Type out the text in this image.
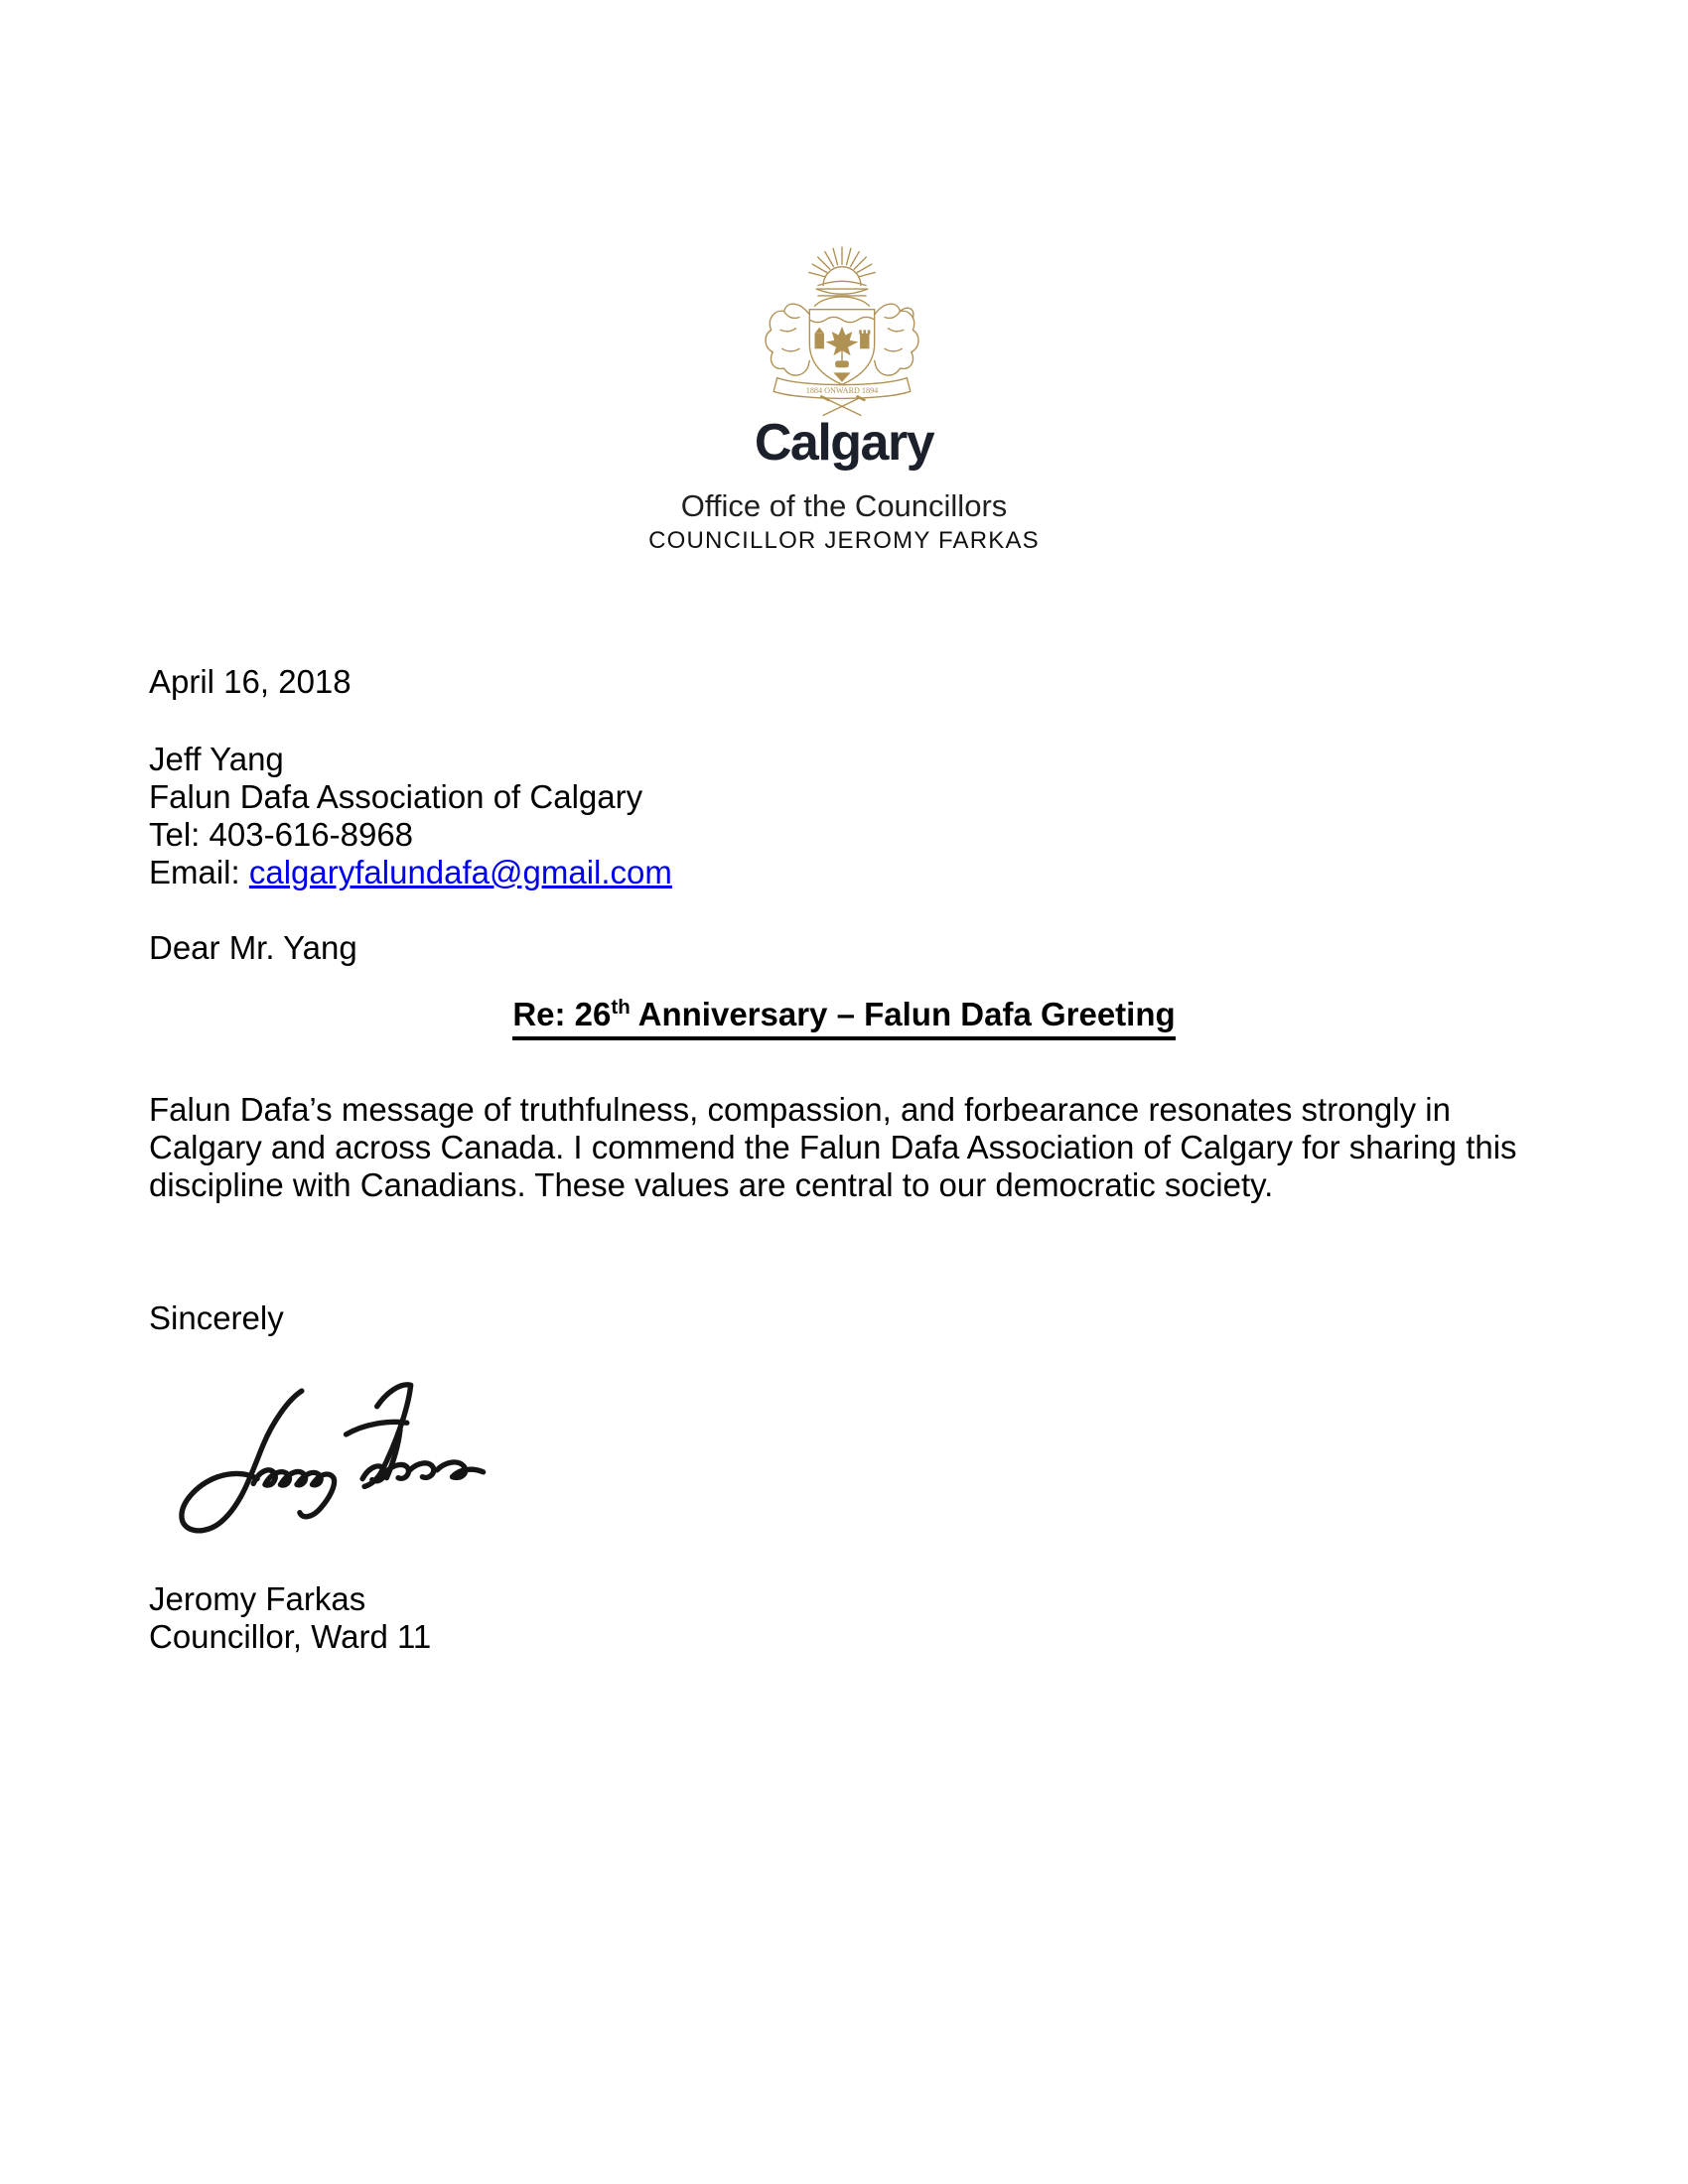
1884 ONWARD 1894
Calgary
Office of the Councillors
COUNCILLOR JEROMY FARKAS
April 16, 2018
Jeff Yang
Falun Dafa Association of Calgary
Tel: 403-616-8968
Email: calgaryfalundafa@gmail.com
Dear Mr. Yang
Re: 26th Anniversary – Falun Dafa Greeting
Falun Dafa’s message of truthfulness, compassion, and forbearance resonates strongly in
Calgary and across Canada. I commend the Falun Dafa Association of Calgary for sharing this
discipline with Canadians. These values are central to our democratic society.
Sincerely
Jeromy Farkas
Councillor, Ward 11
